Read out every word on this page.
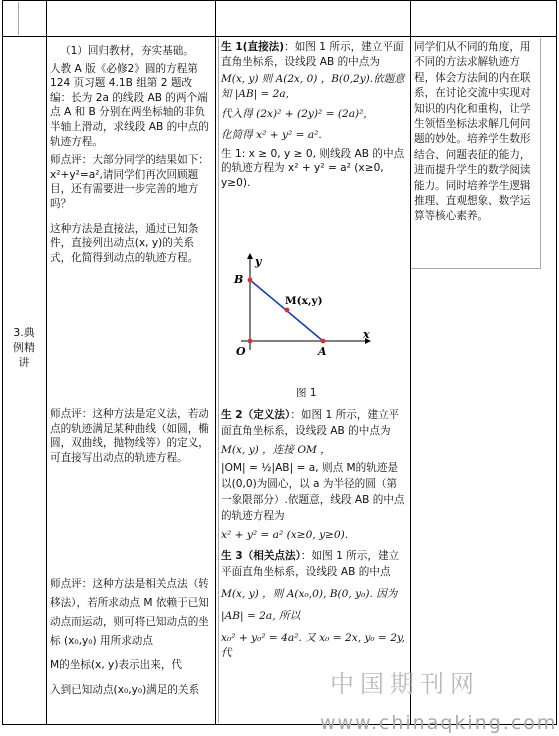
3.典
例精
讲

（1）回归教材，夯实基础。

人教 A 版《必修2》圆的方程第124 页习题 4.1B 组第 2 题改编：长为 2a 的线段 AB 的两个端点 A 和 B 分别在两坐标轴的非负半轴上滑动，求线段 AB 的中点的轨迹方程。

师点评：大部分同学的结果如下：x²+y²=a²,请同学们再次回顾题目，还有需要进一步完善的地方吗？

这种方法是直接法，通过已知条件，直接列出动点(x, y)的关系式，化简得到动点的轨迹方程。

师点评：这种方法是定义法，若动点的轨迹满足某种曲线（如圆，椭圆，双曲线，抛物线等）的定义，可直接写出动点的轨迹方程。

师点评：这种方法是相关点法（转移法），若所求动点 M 依赖于已知动点而运动，则可将已知动点的坐标 (x₀,y₀) 用所求动点

M的坐标(x, y)表示出来，代

入到已知动点(x₀,y₀)满足的关系

生 1(直接法)：如图 1 所示，建立平面直角坐标系，设线段 AB 的中点为

M(x, y) 则 A(2x, 0) ，B(0,2y).依题意知 |AB| = 2a,

代入得 (2x)² + (2y)² = (2a)²,

化简得 x² + y² = a².

生 1: x ≥ 0, y ≥ 0, 则线段 AB 的中点的轨迹方程为 x² + y² = a² (x≥0, y≥0).

y
x
B
M(x,y)
O	A
图 1

生 2（定义法）：如图 1 所示，建立平面直角坐标系，设线段 AB 的中点为

M(x, y) ，连接 OM ，

|OM| = ½|AB| = a, 则点 M的轨迹是以(0,0)为圆心，以 a 为半径的圆（第一象限部分）.依题意，线段 AB 的中点的轨迹方程为

x² + y² = a² (x≥0, y≥0).

生 3（相关点法）：如图 1 所示，建立平面直角坐标系，设线段 AB 的中点

M(x, y) ，则 A(x₀,0), B(0, y₀). 因为

|AB| = 2a, 所以

x₀² + y₀² = 4a². 又 x₀ = 2x, y₀ = 2y,代

同学们从不同的角度，用不同的方法求解轨迹方程，体会方法间的内在联系，在讨论交流中实现对知识的内化和重构，让学生领悟坐标法求解几何问题的妙处。培养学生数形结合、问题表征的能力，进而提升学生的数学阅读能力。同时培养学生逻辑推理、直观想象、数学运算等核心素养。

中国期刊网
www.chinaqking.com
